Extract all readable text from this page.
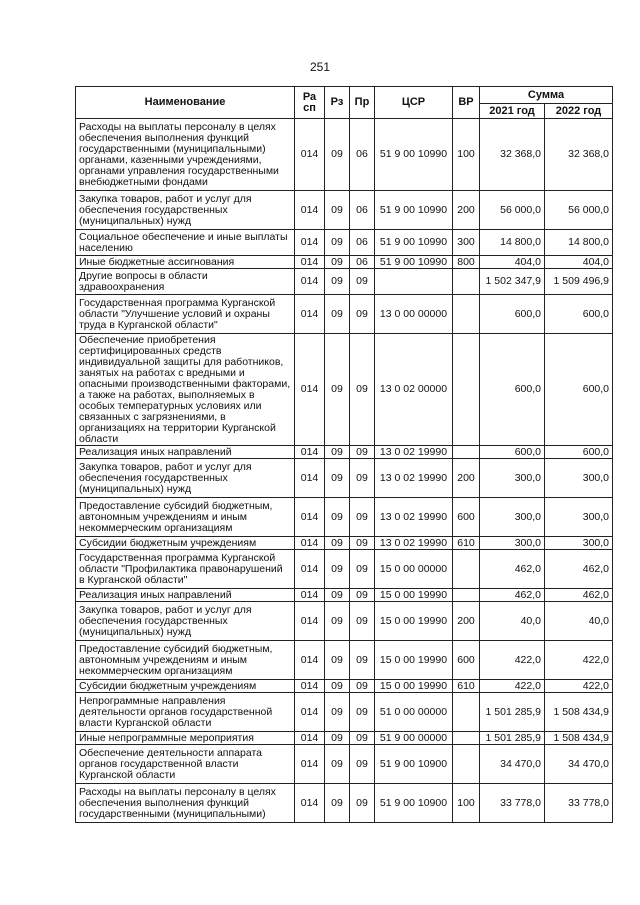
251
Наименование	Ра сп	Рз	Пр	ЦСР	ВР	Сумма	
						2021 год	2022 год
Расходы на выплаты персоналу в целях обеспечения выполнения функций государственными (муниципальными) органами, казенными учреждениями, органами управления государственными внебюджетными фондами	014	09	06	51 9 00 10990	100	32 368,0	32 368,0
Закупка товаров, работ и услуг для обеспечения государственных (муниципальных) нужд	014	09	06	51 9 00 10990	200	56 000,0	56 000,0
Социальное обеспечение и иные выплаты населению	014	09	06	51 9 00 10990	300	14 800,0	14 800,0
Иные бюджетные ассигнования	014	09	06	51 9 00 10990	800	404,0	404,0
Другие вопросы в области здравоохранения	014	09	09			1 502 347,9	1 509 496,9
Государственная программа Курганской области "Улучшение условий и охраны труда в Курганской области"	014	09	09	13 0 00 00000		600,0	600,0
Обеспечение приобретения сертифицированных средств индивидуальной защиты для работников, занятых на работах с вредными и опасными производственными факторами, а также на работах, выполняемых в особых температурных условиях или связанных с загрязнениями, в организациях на территории Курганской области	014	09	09	13 0 02 00000		600,0	600,0
Реализация иных направлений	014	09	09	13 0 02 19990		600,0	600,0
Закупка товаров, работ и услуг для обеспечения государственных (муниципальных) нужд	014	09	09	13 0 02 19990	200	300,0	300,0
Предоставление субсидий бюджетным, автономным учреждениям и иным некоммерческим организациям	014	09	09	13 0 02 19990	600	300,0	300,0
Субсидии бюджетным учреждениям	014	09	09	13 0 02 19990	610	300,0	300,0
Государственная программа Курганской области "Профилактика правонарушений в Курганской области"	014	09	09	15 0 00 00000		462,0	462,0
Реализация иных направлений	014	09	09	15 0 00 19990		462,0	462,0
Закупка товаров, работ и услуг для обеспечения государственных (муниципальных) нужд	014	09	09	15 0 00 19990	200	40,0	40,0
Предоставление субсидий бюджетным, автономным учреждениям и иным некоммерческим организациям	014	09	09	15 0 00 19990	600	422,0	422,0
Субсидии бюджетным учреждениям	014	09	09	15 0 00 19990	610	422,0	422,0
Непрограммные направления деятельности органов государственной власти Курганской области	014	09	09	51 0 00 00000		1 501 285,9	1 508 434,9
Иные непрограммные мероприятия	014	09	09	51 9 00 00000		1 501 285,9	1 508 434,9
Обеспечение деятельности аппарата органов государственной власти Курганской области	014	09	09	51 9 00 10900		34 470,0	34 470,0
Расходы на выплаты персоналу в целях обеспечения выполнения функций государственными (муниципальными)	014	09	09	51 9 00 10900	100	33 778,0	33 778,0
